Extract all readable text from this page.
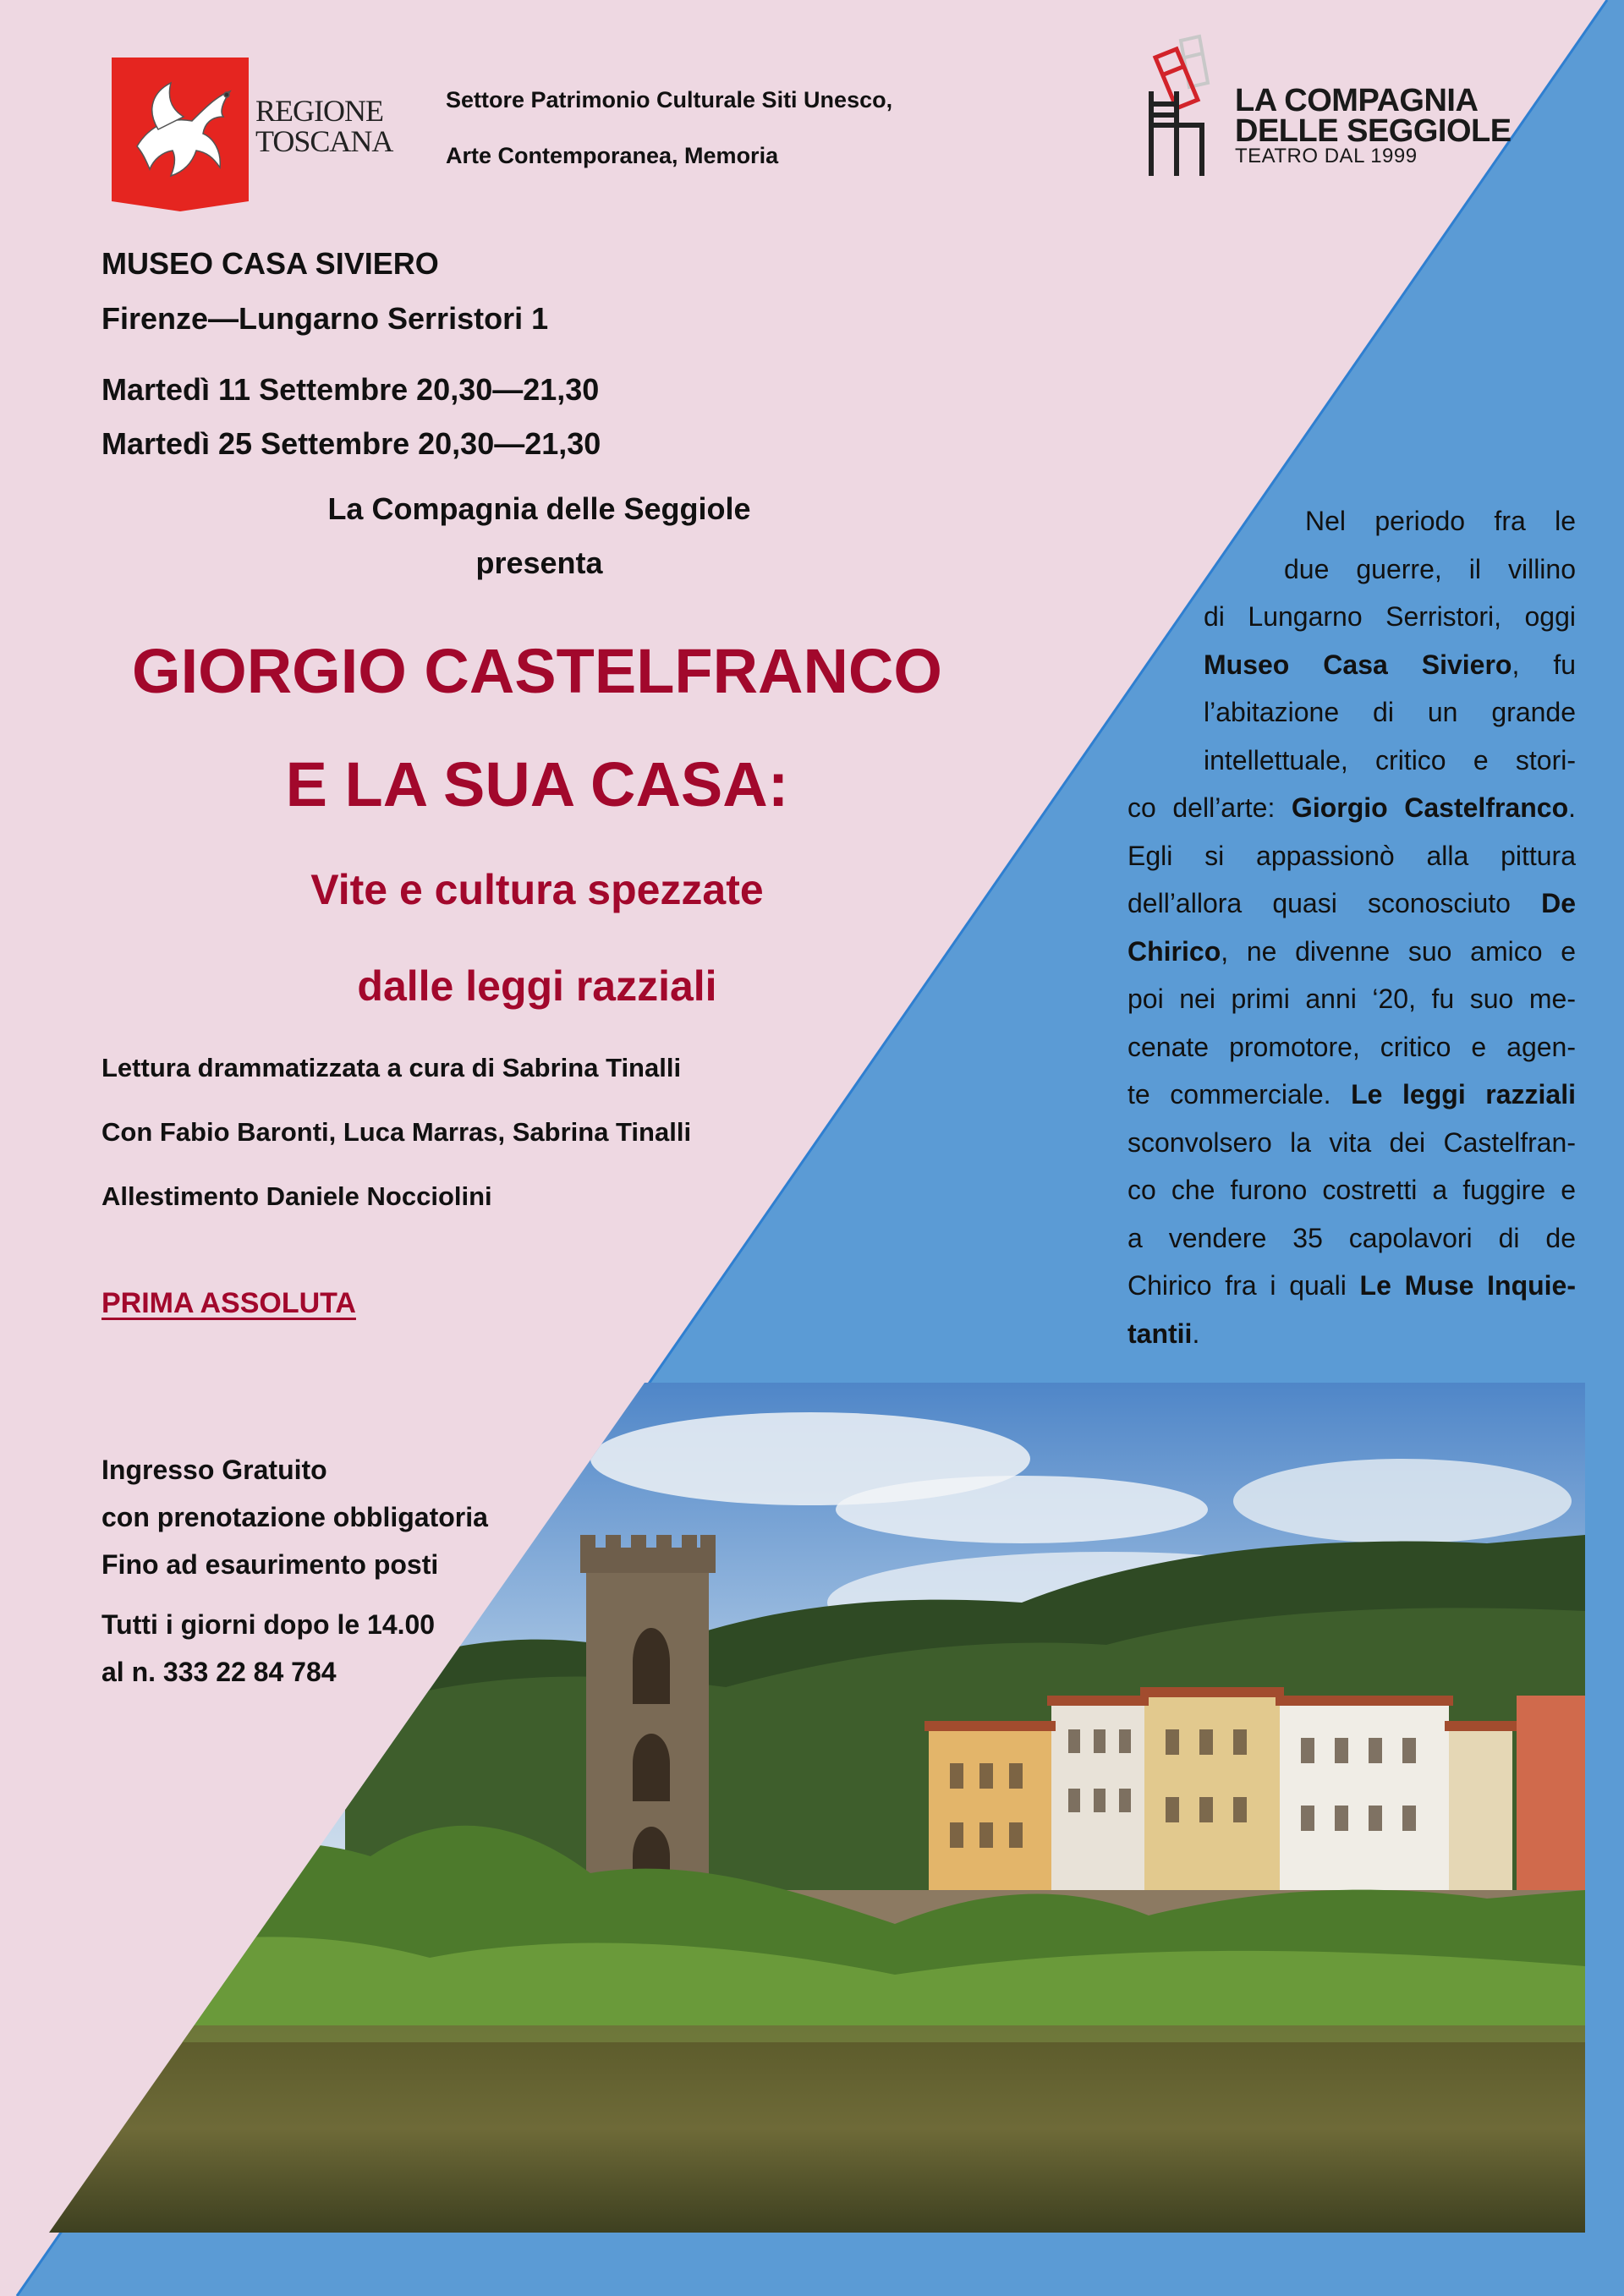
REGIONE
TOSCANA
Settore Patrimonio Culturale Siti Unesco,
Arte Contemporanea, Memoria
LA COMPAGNIA
DELLE SEGGIOLE
TEATRO DAL 1999
MUSEO CASA SIVIERO
Firenze—Lungarno Serristori 1
Martedì 11 Settembre 20,30—21,30
Martedì 25 Settembre 20,30—21,30
La Compagnia delle Seggiole
presenta
GIORGIO CASTELFRANCO
E LA SUA CASA:
Vite e cultura spezzate
dalle leggi razziali
Lettura drammatizzata a cura di Sabrina Tinalli
Con Fabio Baronti, Luca Marras, Sabrina Tinalli
Allestimento Daniele Nocciolini
PRIMA ASSOLUTA
Ingresso Gratuito
con prenotazione obbligatoria
Fino ad esaurimento posti
Tutti i giorni dopo le 14.00
al n. 333 22 84 784
Nel periodo fra le
due guerre, il villino
di Lungarno Serristori, oggi
Museo Casa Siviero, fu
l’abitazione di un grande
intellettuale, critico e stori-
co dell’arte: Giorgio Castelfranco.
Egli si appassionò alla pittura
dell’allora quasi sconosciuto De
Chirico, ne divenne suo amico e
poi nei primi anni ‘20, fu suo me-
cenate promotore, critico e agen-
te commerciale. Le leggi razziali
sconvolsero la vita dei Castelfran-
co che furono costretti a fuggire e
a vendere 35 capolavori di de
Chirico fra i quali Le Muse Inquie-
tantii.
